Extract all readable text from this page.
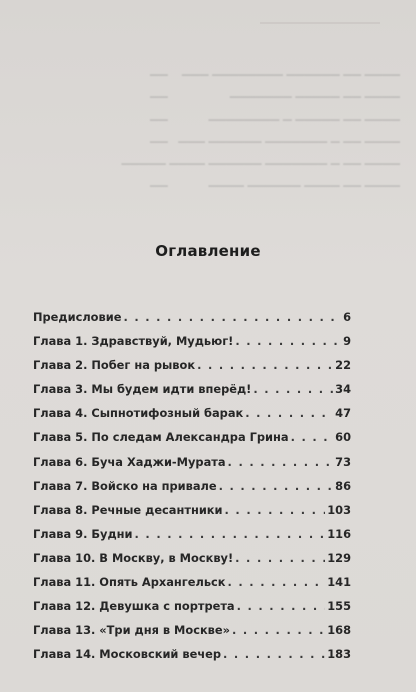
▔▔▔▔ ▔▔ ▔▔▔▔▔▔ ▔▔▔▔▔▔▔▔ ▔▔▔
▔▔
▔▔▔▔ ▔▔ ▔▔▔▔▔ ▔▔▔▔▔▔▔
▔▔
▔▔▔▔ ▔▔ ▔▔▔▔▔ ▔ ▔▔▔▔▔▔▔▔
▔▔
▔▔▔▔ ▔▔ ▔ ▔▔▔▔▔▔▔ ▔▔▔▔▔▔ ▔▔▔
▔▔
▔▔▔▔ ▔▔ ▔ ▔▔▔▔▔▔▔ ▔▔▔▔▔▔ ▔▔▔▔ ▔▔▔
▔▔
▔▔▔▔ ▔▔ ▔▔▔▔ ▔▔▔▔▔▔ ▔▔▔▔
▔▔
Оглавление
Предисловие . . .	6
Глава 1. Здравствуй, Мудьюг! . . .	9
Глава 2. Побег на рывок . . .	22
Глава 3. Мы будем идти вперёд! . . .	34
Глава 4. Сыпнотифозный барак . . .	47
Глава 5. По следам Александра Грина . . .	60
Глава 6. Буча Хаджи-Мурата . . .	73
Глава 7. Войско на привале . . .	86
Глава 8. Речные десантники . . .	103
Глава 9. Будни . . .	116
Глава 10. В Москву, в Москву! . . .	129
Глава 11. Опять Архангельск . . .	141
Глава 12. Девушка с портрета . . .	155
Глава 13. «Три дня в Москве» . . .	168
Глава 14. Московский вечер . . .	183
